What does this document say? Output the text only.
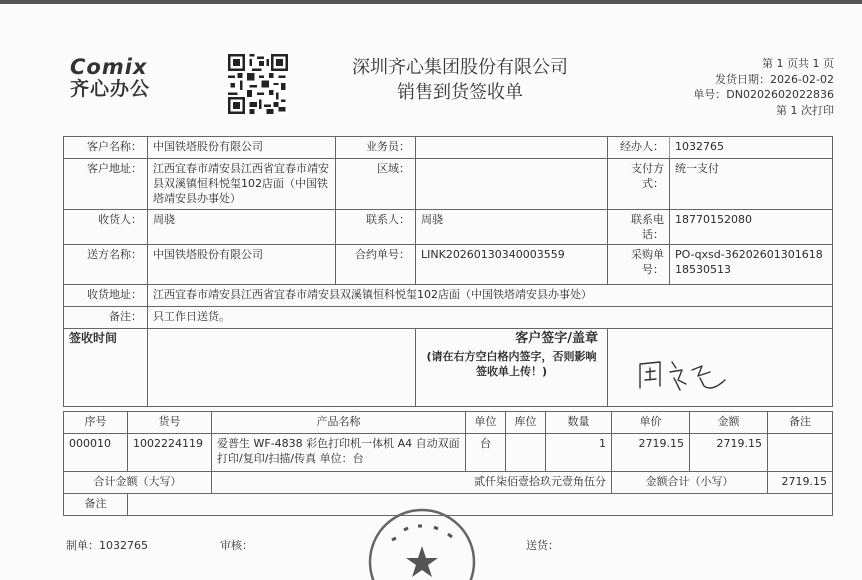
Comix
齐心办公
深圳齐心集团股份有限公司
销售到货签收单
第 1 页共 1 页
发货日期：2026-02-02
单号：DN0202602022836
第 1 次打印
客户名称：	中国铁塔股份有限公司	业务员：		经办人：	1032765
客户地址：	江西宜春市靖安县江西省宜春市靖安县双溪镇恒科悦玺102店面（中国铁塔靖安县办事处）	区域：		支付方式：	统一支付
收货人：	周骁	联系人：	周骁	联系电话：	18770152080
送方名称：	中国铁塔股份有限公司	合约单号：	LINK20260130340003559	采购单号：	PO-qxsd-362026013016181853051​3
收货地址：	江西宜春市靖安县江西省宜春市靖安县双溪镇恒科悦玺102店面（中国铁塔靖安县办事处）				
备注：	只工作日送货。				
签收时间			客户签字/盖章
(请在右方空白格内签字，否则影响签收单上传！)		

序号	货号	产品名称	单位	库位	数量	单价	金额	备注
000010	1002224119	爱普生 WF-4838 彩色打印机一体机 A4 自动双面打印/复印/扫描/传真 单位：台	台		1	2719.15	2719.15	
合计金额（大写）		贰仟柒佰壹拾玖元壹角伍分				金额合计（小写）		2719.15
备注								
制单：1032765	审核：	送货：
